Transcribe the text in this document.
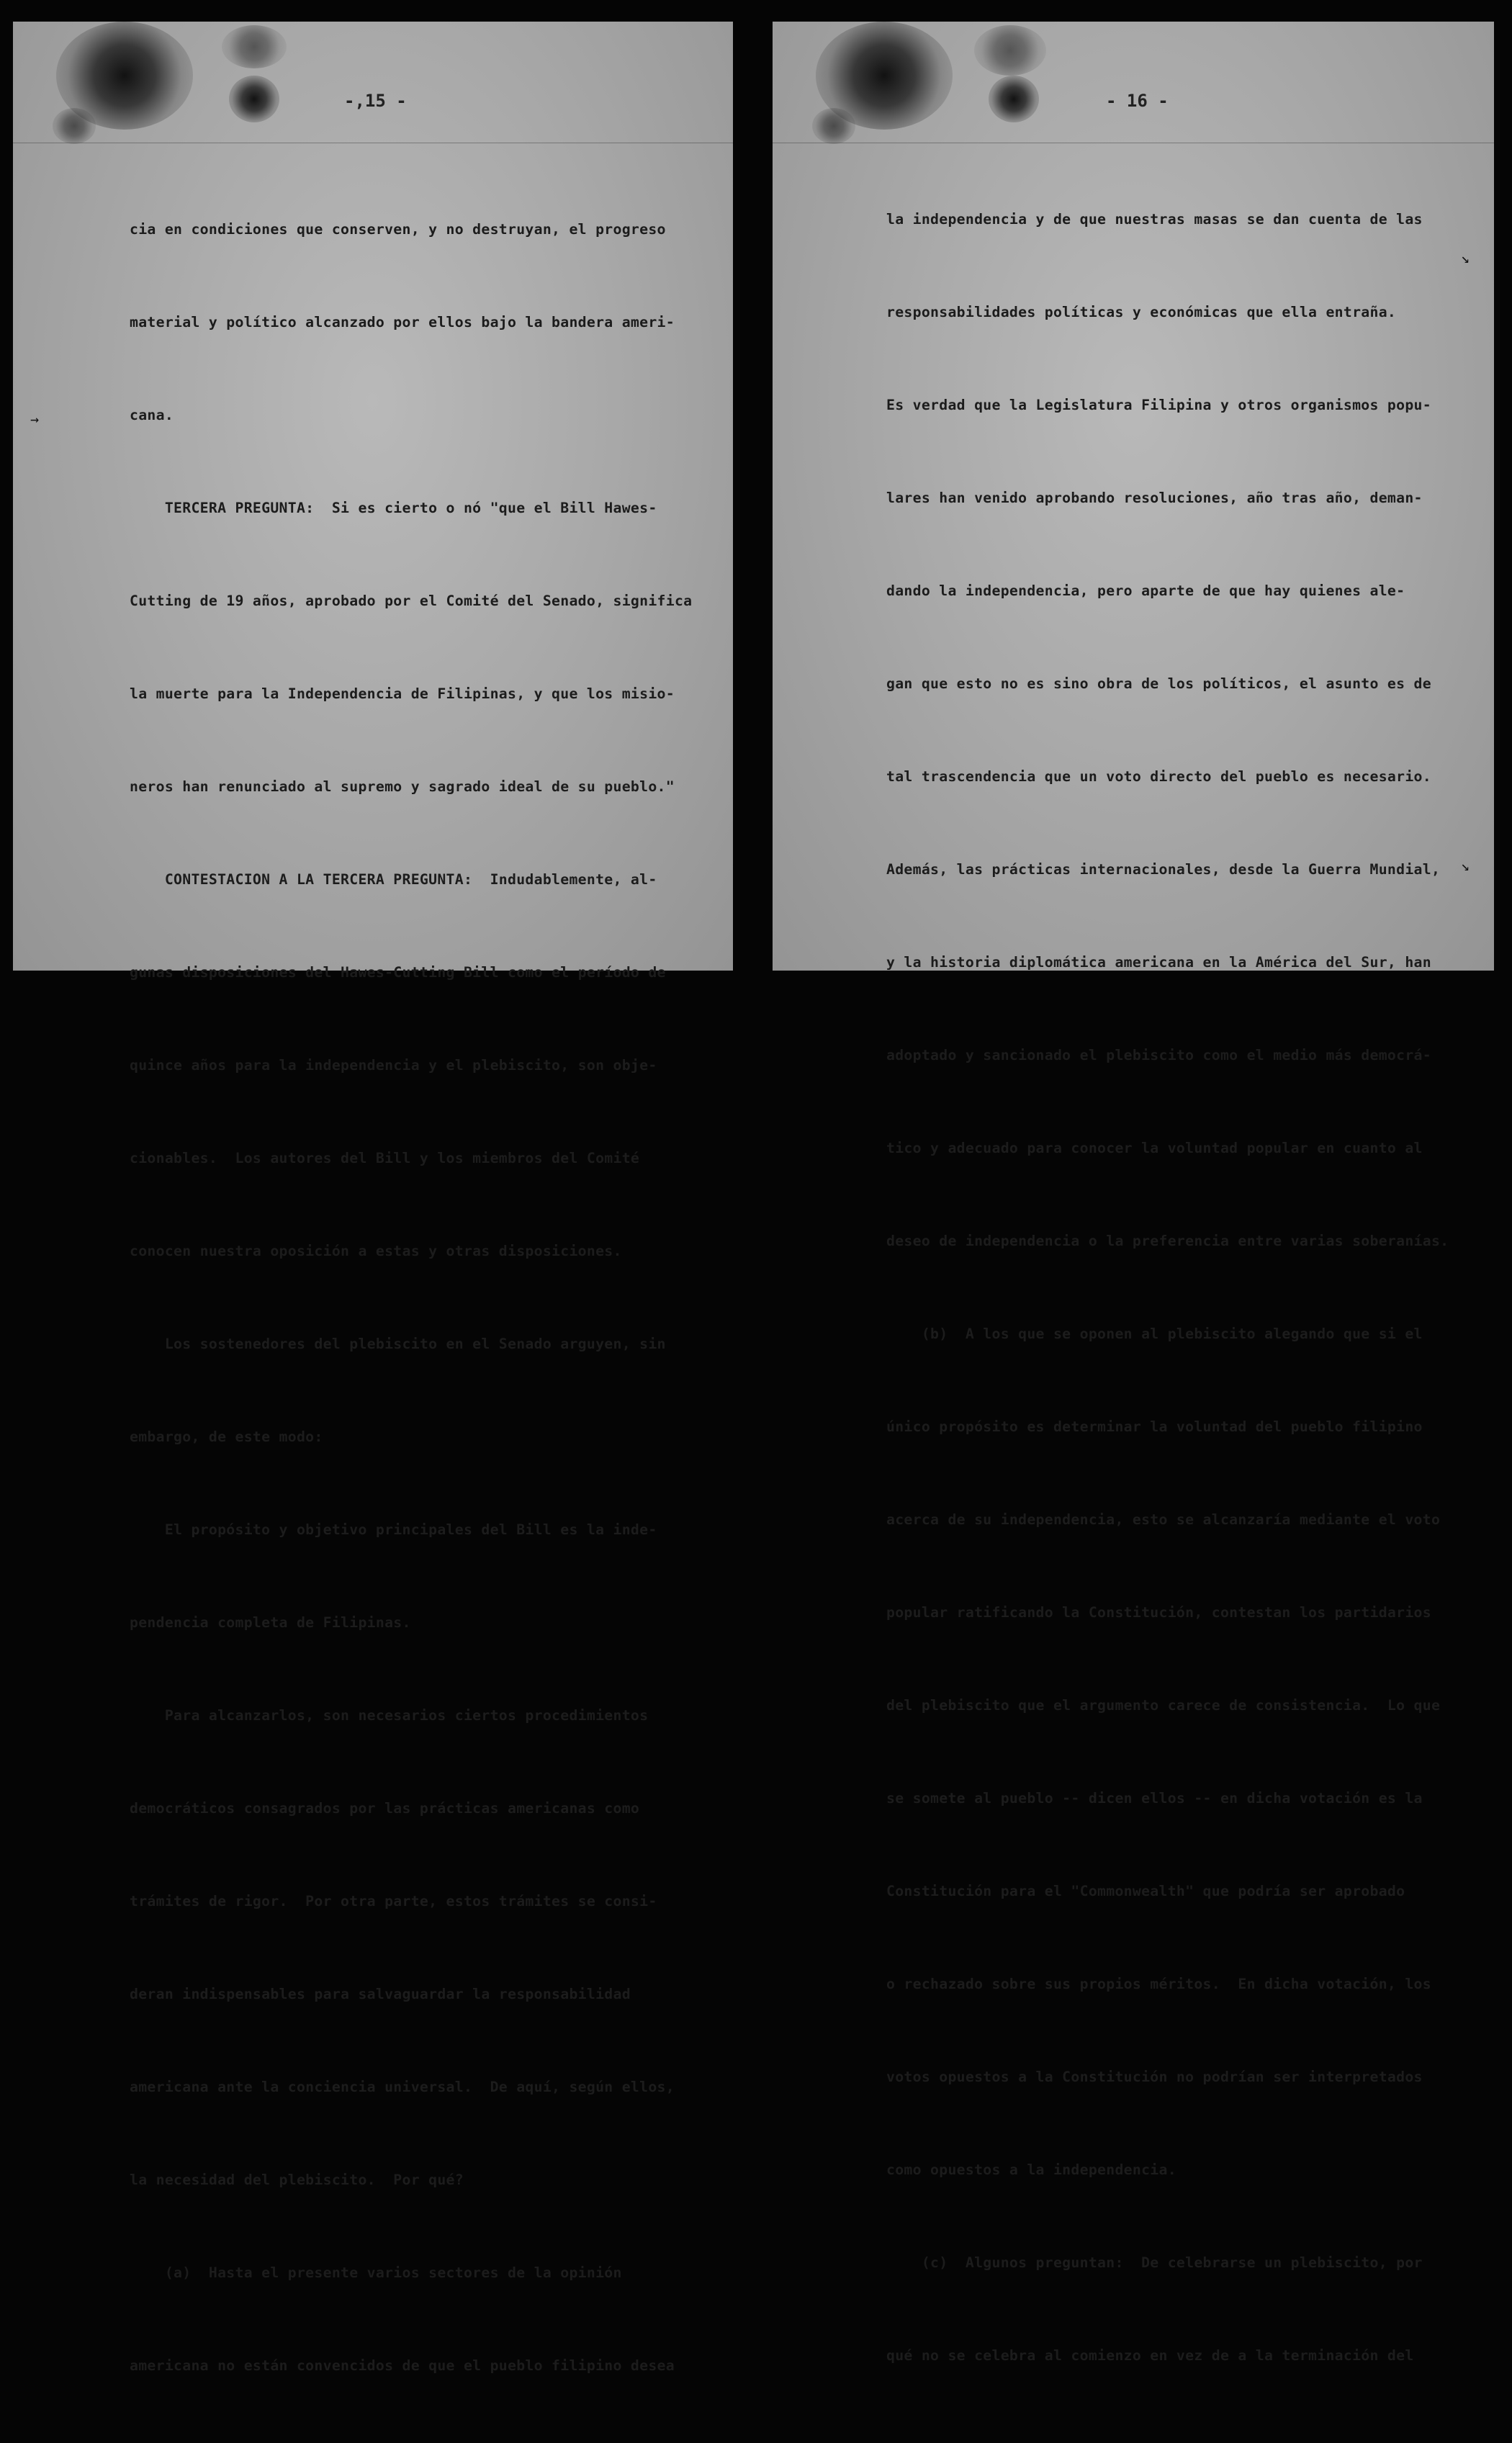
-,15 -

cia en condiciones que conserven, y no destruyan, el progreso

material y político alcanzado por ellos bajo la bandera ameri-

cana.

TERCERA PREGUNTA:  Si es cierto o nó "que el Bill Hawes-

Cutting de 19 años, aprobado por el Comité del Senado, significa

la muerte para la Independencia de Filipinas, y que los misio-

neros han renunciado al supremo y sagrado ideal de su pueblo."

CONTESTACION A LA TERCERA PREGUNTA:  Indudablemente, al-

gunas disposiciones del Hawes-Cutting Bill como el período de

quince años para la independencia y el plebiscito, son obje-

cionables.  Los autores del Bill y los miembros del Comité

conocen nuestra oposición a estas y otras disposiciones.

Los sostenedores del plebiscito en el Senado arguyen, sin

embargo, de este modo:

El propósito y objetivo principales del Bill es la inde-

pendencia completa de Filipinas.

Para alcanzarlos, son necesarios ciertos procedimientos

democráticos consagrados por las prácticas americanas como

trámites de rigor.  Por otra parte, estos trámites se consi-

deran indispensables para salvaguardar la responsabilidad

americana ante la conciencia universal.  De aquí, según ellos,

la necesidad del plebiscito.  Por qué?

(a)  Hasta el presente varios sectores de la opinión

americana no están convencidos de que el pueblo filipino desea

→
- 16 -

la independencia y de que nuestras masas se dan cuenta de las

responsabilidades políticas y económicas que ella entraña.

Es verdad que la Legislatura Filipina y otros organismos popu-

lares han venido aprobando resoluciones, año tras año, deman-

dando la independencia, pero aparte de que hay quienes ale-

gan que esto no es sino obra de los políticos, el asunto es de

tal trascendencia que un voto directo del pueblo es necesario.

Además, las prácticas internacionales, desde la Guerra Mundial,

y la historia diplomática americana en la América del Sur, han

adoptado y sancionado el plebiscito como el medio más democrá-

tico y adecuado para conocer la voluntad popular en cuanto al

deseo de independencia o la preferencia entre varias soberanías.

(b)  A los que se oponen al plebiscito alegando que si el

único propósito es determinar la voluntad del pueblo filipino

acerca de su independencia, esto se alcanzaría mediante el voto

popular ratificando la Constitución, contestan los partidarios

del plebiscito que el argumento carece de consistencia.  Lo que

se somete al pueblo -- dicen ellos -- en dicha votación es la

Constitución para el "Commonwealth" que podría ser aprobado

o rechazado sobre sus propios méritos.  En dicha votación, los

votos opuestos a la Constitución no podrían ser interpretados

como opuestos a la independencia.

(c)  Algunos preguntan:  De celebrarse un plebiscito, por

qué no se celebra al comienzo en vez de a la terminación del

↘
↘
